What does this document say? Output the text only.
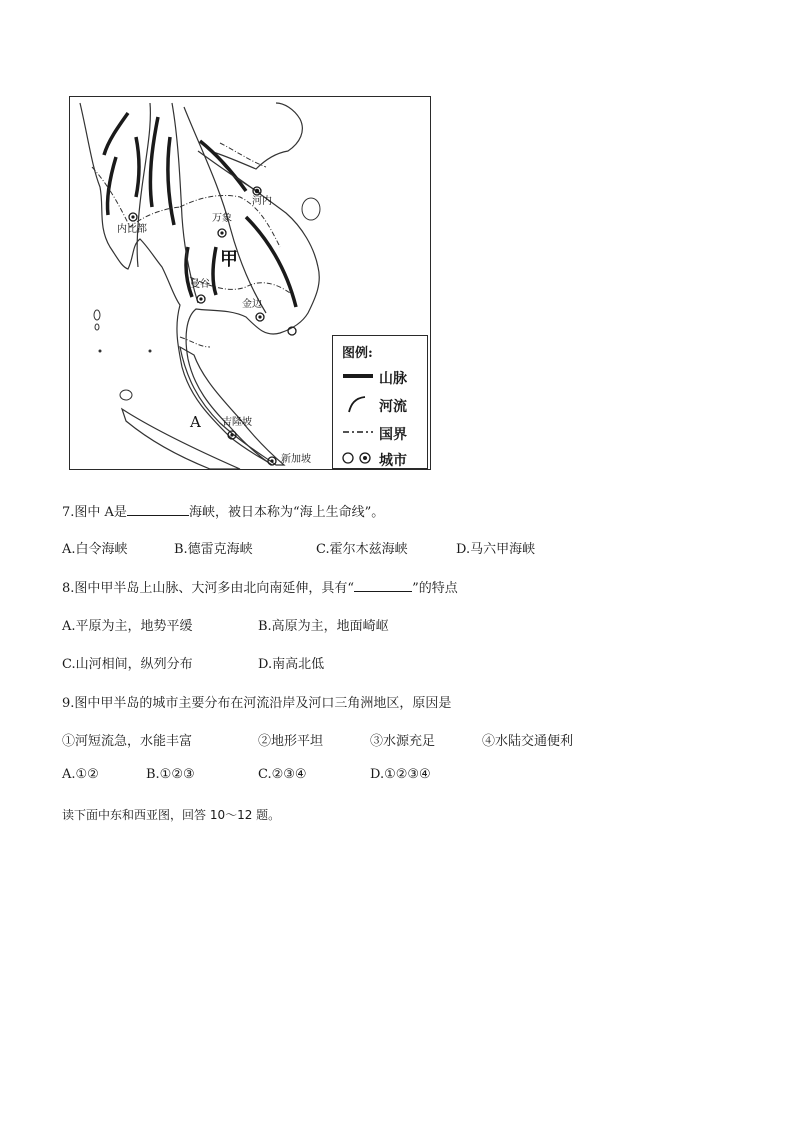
A
甲
河内
万象
内比都
曼谷
金边
吉隆坡
新加坡
图例:
山脉
河流
国界
城市
7.图中 A是	海峡，被日本称为“海上生命线”。
A.白令海峡	B.德雷克海峡	C.霍尔木兹海峡	D.马六甲海峡
8.图中甲半岛上山脉、大河多由北向南延伸，具有“	”的特点
A.平原为主，地势平缓	B.高原为主，地面崎岖
C.山河相间，纵列分布	D.南高北低
9.图中甲半岛的城市主要分布在河流沿岸及河口三角洲地区，原因是
①河短流急，水能丰富	②地形平坦	③水源充足	④水陆交通便利
A.①②	B.①②③	C.②③④	D.①②③④
读下面中东和西亚图，回答 10～12 题。
